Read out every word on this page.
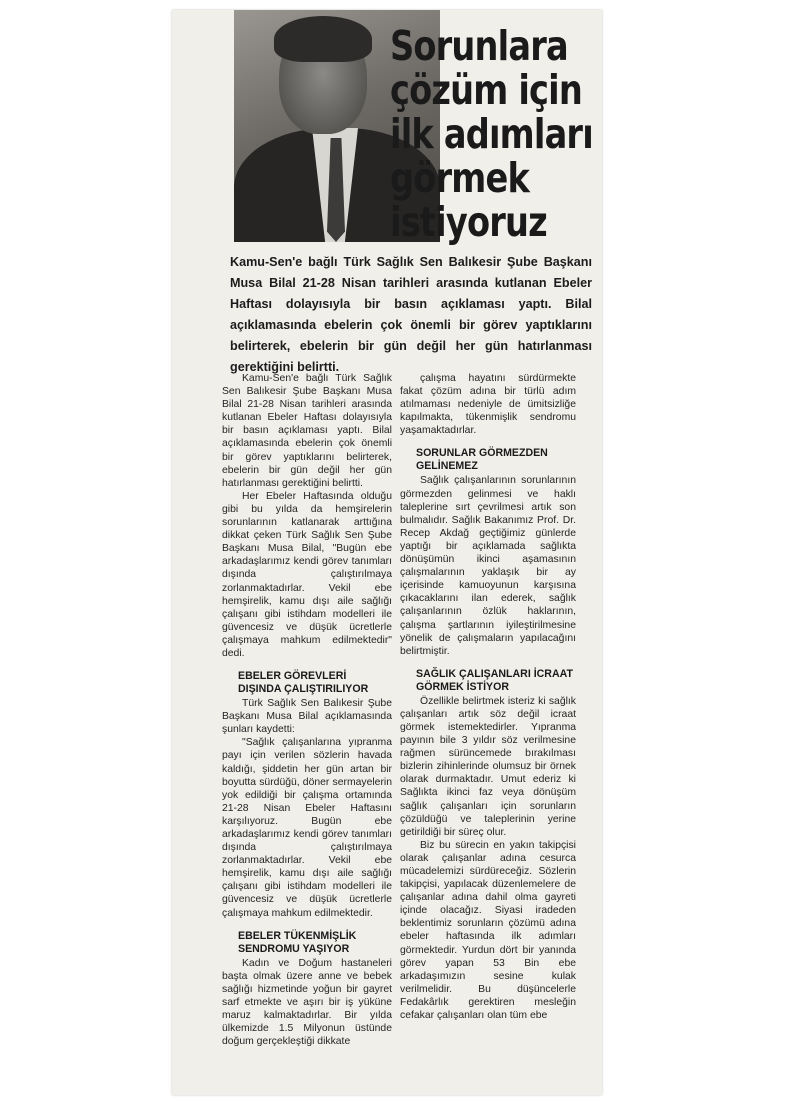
Sorunlara
çözüm için
ilk adımları
görmek
istiyoruz
Kamu-Sen'e bağlı Türk Sağlık Sen Balıkesir Şube Başkanı Musa Bilal 21-28 Nisan tarihleri arasında kutlanan Ebeler Haftası dolayısıyla bir basın açıklaması yaptı. Bilal açıklamasında ebelerin çok önemli bir görev yaptıklarını belirterek, ebelerin bir gün değil her gün hatırlanması gerektiğini belirtti.

Kamu-Sen'e bağlı Türk Sağlık Sen Balıkesir Şube Başkanı Musa Bilal 21-28 Nisan tarihleri arasında kutlanan Ebeler Haftası dolayısıyla bir basın açıklaması yaptı. Bilal açıklamasında ebelerin çok önemli bir görev yaptıklarını belirterek, ebelerin bir gün değil her gün hatırlanması gerektiğini belirtti.

Her Ebeler Haftasında olduğu gibi bu yılda da hemşirelerin sorunlarının katlanarak arttığına dikkat çeken Türk Sağlık Sen Şube Başkanı Musa Bilal, "Bugün ebe arkadaşlarımız kendi görev tanımları dışında çalıştırılmaya zorlanmaktadırlar. Vekil ebe hemşirelik, kamu dışı aile sağlığı çalışanı gibi istihdam modelleri ile güvencesiz ve düşük ücretlerle çalışmaya mahkum edilmektedir" dedi.

EBELER GÖREVLERİ DIŞINDA ÇALIŞTIRILIYOR

Türk Sağlık Sen Balıkesir Şube Başkanı Musa Bilal açıklamasında şunları kaydetti:

"Sağlık çalışanlarına yıpranma payı için verilen sözlerin havada kaldığı, şiddetin her gün artan bir boyutta sürdüğü, döner sermayelerin yok edildiği bir çalışma ortamında 21-28 Nisan Ebeler Haftasını karşılıyoruz. Bugün ebe arkadaşlarımız kendi görev tanımları dışında çalıştırılmaya zorlanmaktadırlar. Vekil ebe hemşirelik, kamu dışı aile sağlığı çalışanı gibi istihdam modelleri ile güvencesiz ve düşük ücretlerle çalışmaya mahkum edilmektedir.

EBELER TÜKENMİŞLİK SENDROMU YAŞIYOR

Kadın ve Doğum hastaneleri başta olmak üzere anne ve bebek sağlığı hizmetinde yoğun bir gayret sarf etmekte ve aşırı bir iş yüküne maruz kalmaktadırlar. Bir yılda ülkemizde 1.5 Milyonun üstünde doğum gerçekleştiği dikkate

çalışma hayatını sürdürmekte fakat çözüm adına bir türlü adım atılmaması nedeniyle de ümitsizliğe kapılmakta, tükenmişlik sendromu yaşamaktadırlar.

SORUNLAR GÖRMEZDEN GELİNEMEZ

Sağlık çalışanlarının sorunlarının görmezden gelinmesi ve haklı taleplerine sırt çevrilmesi artık son bulmalıdır. Sağlık Bakanımız Prof. Dr. Recep Akdağ geçtiğimiz günlerde yaptığı bir açıklamada sağlıkta dönüşümün ikinci aşamasının çalışmalarının yaklaşık bir ay içerisinde kamuoyunun karşısına çıkacaklarını ilan ederek, sağlık çalışanlarının özlük haklarının, çalışma şartlarının iyileştirilmesine yönelik de çalışmaların yapılacağını belirtmiştir.

SAĞLIK ÇALIŞANLARI İCRAAT GÖRMEK İSTİYOR

Özellikle belirtmek isteriz ki sağlık çalışanları artık söz değil icraat görmek istemektedirler. Yıpranma payının bile 3 yıldır söz verilmesine rağmen sürüncemede bırakılması bizlerin zihinlerinde olumsuz bir örnek olarak durmaktadır. Umut ederiz ki Sağlıkta ikinci faz veya dönüşüm sağlık çalışanları için sorunların çözüldüğü ve taleplerinin yerine getirildiği bir süreç olur.

Biz bu sürecin en yakın takipçisi olarak çalışanlar adına cesurca mücadelemizi sürdüreceğiz. Sözlerin takipçisi, yapılacak düzenlemelere de çalışanlar adına dahil olma gayreti içinde olacağız. Siyasi iradeden beklentimiz sorunların çözümü adına ebeler haftasında ilk adımları görmektedir. Yurdun dört bir yanında görev yapan 53 Bin ebe arkadaşımızın sesine kulak verilmelidir. Bu düşüncelerle Fedakârlık gerektiren mesleğin cefakar çalışanları olan tüm ebe
